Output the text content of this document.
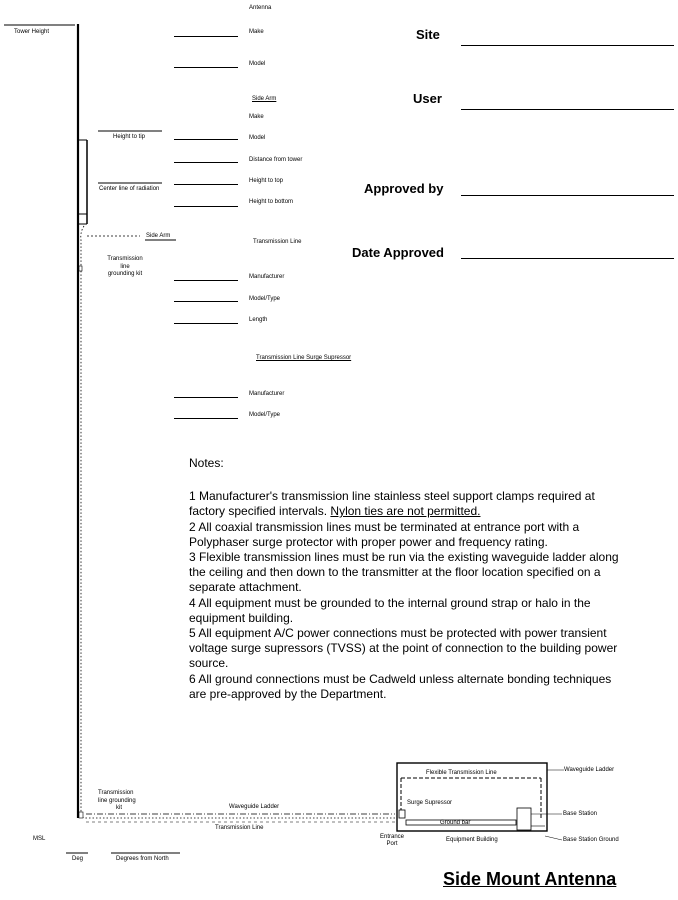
Antenna
Site
User
Approved by
Date Approved
Make
Model
Side Arm
Make
Model
Distance from tower
Height to top
Height to bottom
Transmission Line
Manufacturer
Model/Type
Length
Transmission Line Surge Supressor
Manufacturer
Model/Type
Tower Height
Height to tip
Center line of radiation
Side Arm
Transmission
line
grounding kit
Transmission
line grounding
kit	Waveguide Ladder
Transmission Line
MSL
Deg	Degrees from North
Flexible Transmission Line	Waveguide Ladder
Surge Supressor
Base Station
Base Station Ground
Ground bar
Entrance
Port
Equipment Building

Notes:

1 Manufacturer's transmission line stainless steel support clamps required at factory specified intervals. Nylon ties are not permitted.

2 All coaxial transmission lines must be terminated at entrance port with a Polyphaser surge protector with proper power and frequency rating.

3 Flexible transmission lines must be run via the existing waveguide ladder along the ceiling and then down to the transmitter at the floor location specified on a separate attachment.

4 All equipment must be grounded to the internal ground strap or halo in the equipment building.

5 All equipment A/C power connections must be protected with power transient voltage surge supressors (TVSS) at the point of connection to the building power source.

6 All ground connections must be Cadweld unless alternate bonding techniques are pre-approved by the Department.

Side Mount Antenna
